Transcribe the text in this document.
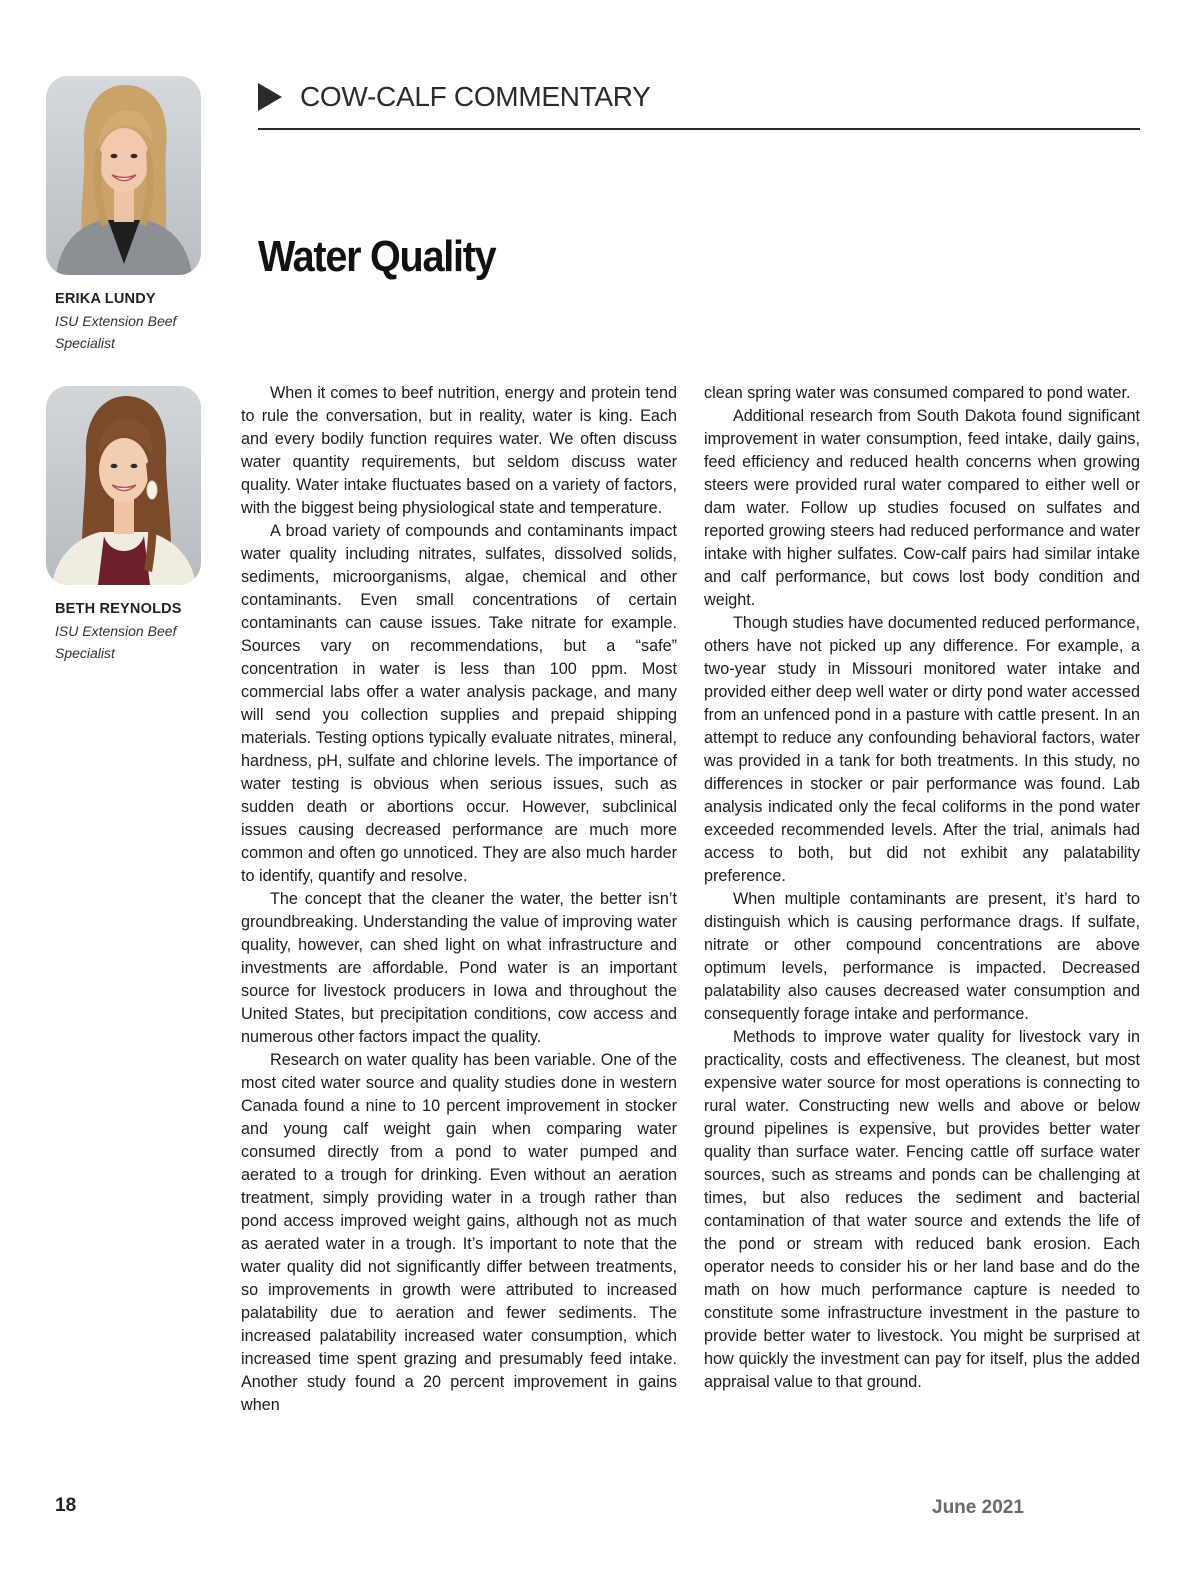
COW-CALF COMMENTARY
Water Quality
ERIKA LUNDY
ISU Extension Beef Specialist
BETH REYNOLDS
ISU Extension Beef Specialist

When it comes to beef nutrition, energy and protein tend to rule the conversation, but in reality, water is king. Each and every bodily function requires water. We often discuss water quantity requirements, but seldom discuss water quality. Water intake fluctuates based on a variety of factors, with the biggest being physiological state and temperature.

A broad variety of compounds and contaminants impact water quality including nitrates, sulfates, dissolved solids, sediments, microorganisms, algae, chemical and other contaminants. Even small concentrations of certain contaminants can cause issues. Take nitrate for example. Sources vary on recommendations, but a “safe” concentration in water is less than 100 ppm. Most commercial labs offer a water analysis package, and many will send you collection supplies and prepaid shipping materials. Testing options typically evaluate nitrates, mineral, hardness, pH, sulfate and chlorine levels. The importance of water testing is obvious when serious issues, such as sudden death or abortions occur. However, subclinical issues causing decreased performance are much more common and often go unnoticed. They are also much harder to identify, quantify and resolve.

The concept that the cleaner the water, the better isn’t groundbreaking. Understanding the value of improving water quality, however, can shed light on what infrastructure and investments are affordable. Pond water is an important source for livestock producers in Iowa and throughout the United States, but precipitation conditions, cow access and numerous other factors impact the quality.

Research on water quality has been variable. One of the most cited water source and quality studies done in western Canada found a nine to 10 percent improvement in stocker and young calf weight gain when comparing water consumed directly from a pond to water pumped and aerated to a trough for drinking. Even without an aeration treatment, simply providing water in a trough rather than pond access improved weight gains, although not as much as aerated water in a trough. It’s important to note that the water quality did not significantly differ between treatments, so improvements in growth were attributed to increased palatability due to aeration and fewer sediments. The increased palatability increased water consumption, which increased time spent grazing and presumably feed intake. Another study found a 20 percent improvement in gains when

clean spring water was consumed compared to pond water.

Additional research from South Dakota found significant improvement in water consumption, feed intake, daily gains, feed efficiency and reduced health concerns when growing steers were provided rural water compared to either well or dam water. Follow up studies focused on sulfates and reported growing steers had reduced performance and water intake with higher sulfates. Cow-calf pairs had similar intake and calf performance, but cows lost body condition and weight.

Though studies have documented reduced performance, others have not picked up any difference. For example, a two-year study in Missouri monitored water intake and provided either deep well water or dirty pond water accessed from an unfenced pond in a pasture with cattle present. In an attempt to reduce any confounding behavioral factors, water was provided in a tank for both treatments. In this study, no differences in stocker or pair performance was found. Lab analysis indicated only the fecal coliforms in the pond water exceeded recommended levels. After the trial, animals had access to both, but did not exhibit any palatability preference.

When multiple contaminants are present, it’s hard to distinguish which is causing performance drags. If sulfate, nitrate or other compound concentrations are above optimum levels, performance is impacted. Decreased palatability also causes decreased water consumption and consequently forage intake and performance.

Methods to improve water quality for livestock vary in practicality, costs and effectiveness. The cleanest, but most expensive water source for most operations is connecting to rural water. Constructing new wells and above or below ground pipelines is expensive, but provides better water quality than surface water. Fencing cattle off surface water sources, such as streams and ponds can be challenging at times, but also reduces the sediment and bacterial contamination of that water source and extends the life of the pond or stream with reduced bank erosion. Each operator needs to consider his or her land base and do the math on how much performance capture is needed to constitute some infrastructure investment in the pasture to provide better water to livestock. You might be surprised at how quickly the investment can pay for itself, plus the added appraisal value to that ground.

18	June 2021
